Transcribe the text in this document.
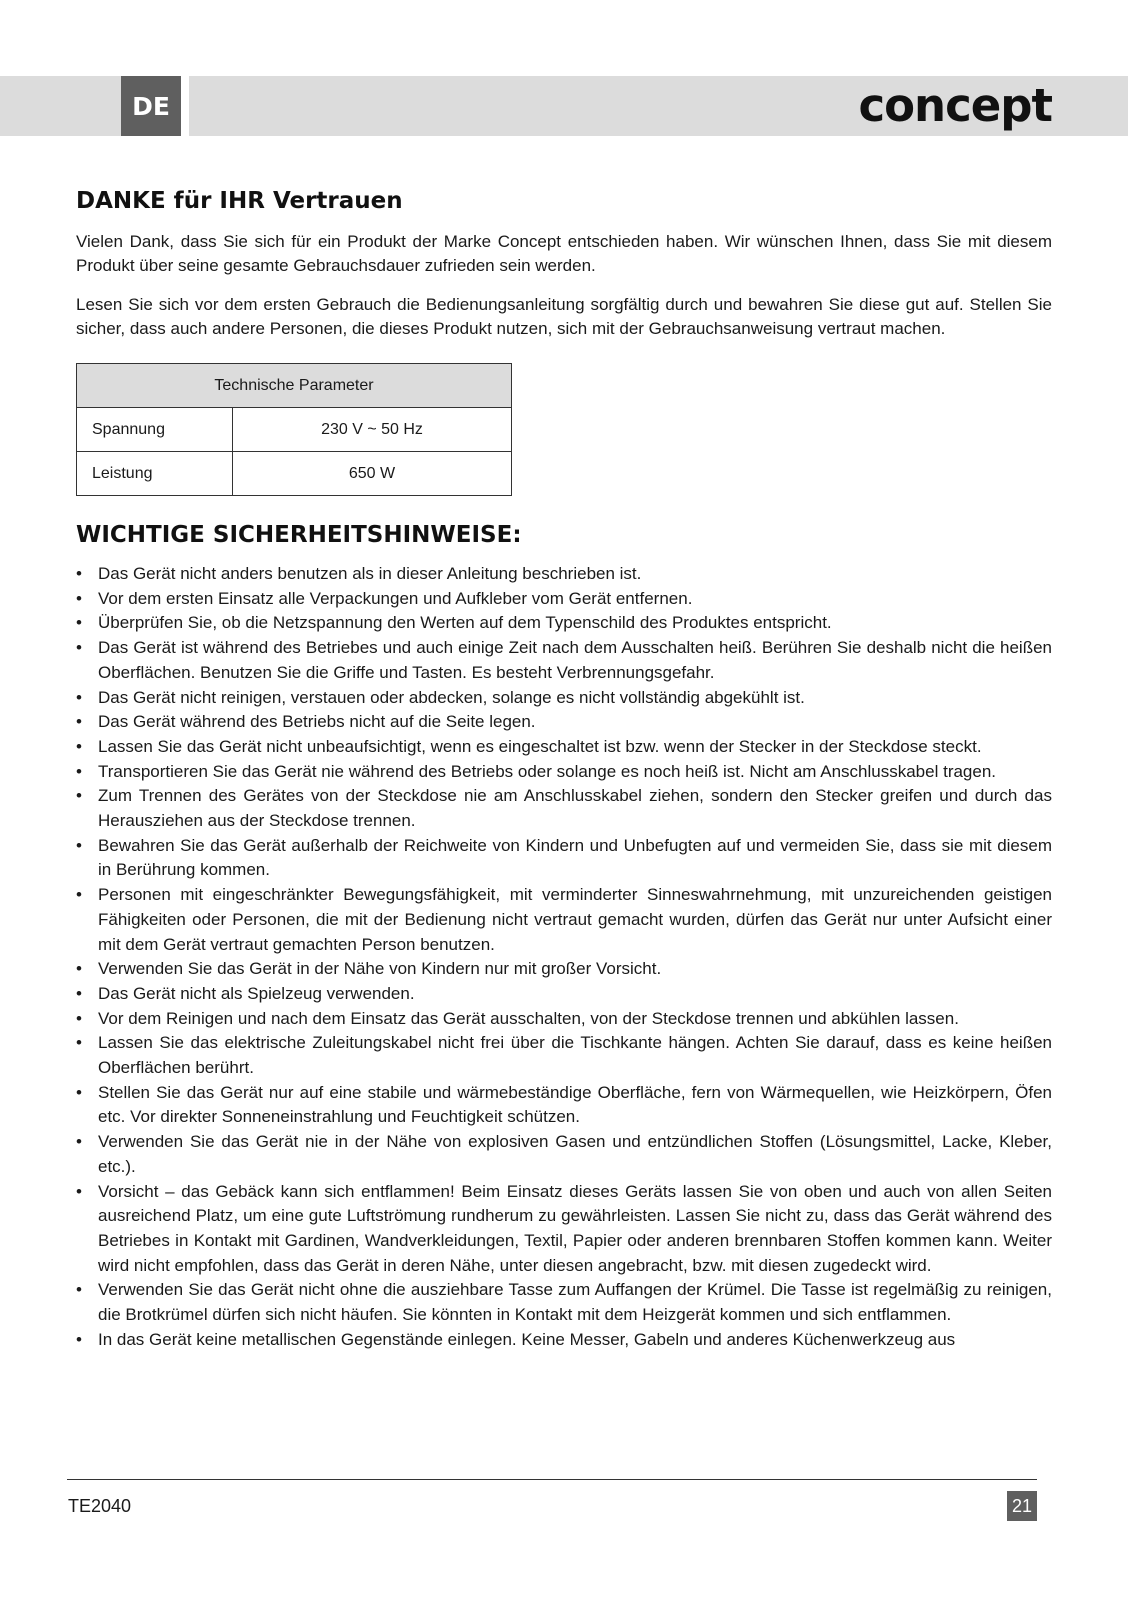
DE	concept
DANKE für IHR Vertrauen

Vielen Dank, dass Sie sich für ein Produkt der Marke Concept entschieden haben. Wir wünschen Ihnen, dass Sie mit diesem Produkt über seine gesamte Gebrauchsdauer zufrieden sein werden.

Lesen Sie sich vor dem ersten Gebrauch die Bedienungsanleitung sorgfältig durch und bewahren Sie diese gut auf. Stellen Sie sicher, dass auch andere Personen, die dieses Produkt nutzen, sich mit der Gebrauchsanweisung vertraut machen.

Technische Parameter	
Spannung	230 V ~ 50 Hz
Leistung	650 W
WICHTIGE SICHERHEITSHINWEISE:
• Das Gerät nicht anders benutzen als in dieser Anleitung beschrieben ist.
• Vor dem ersten Einsatz alle Verpackungen und Aufkleber vom Gerät entfernen.
• Überprüfen Sie, ob die Netzspannung den Werten auf dem Typenschild des Produktes entspricht.
• Das Gerät ist während des Betriebes und auch einige Zeit nach dem Ausschalten heiß. Berühren Sie deshalb nicht die heißen Oberflächen. Benutzen Sie die Griffe und Tasten. Es besteht Verbrennungsgefahr.
• Das Gerät nicht reinigen, verstauen oder abdecken, solange es nicht vollständig abgekühlt ist.
• Das Gerät während des Betriebs nicht auf die Seite legen.
• Lassen Sie das Gerät nicht unbeaufsichtigt, wenn es eingeschaltet ist bzw. wenn der Stecker in der Steckdose steckt.
• Transportieren Sie das Gerät nie während des Betriebs oder solange es noch heiß ist. Nicht am Anschlusskabel tragen.
• Zum Trennen des Gerätes von der Steckdose nie am Anschlusskabel ziehen, sondern den Stecker greifen und durch das Herausziehen aus der Steckdose trennen.
• Bewahren Sie das Gerät außerhalb der Reichweite von Kindern und Unbefugten auf und vermeiden Sie, dass sie mit diesem in Berührung kommen.
• Personen mit eingeschränkter Bewegungsfähigkeit, mit verminderter Sinneswahrnehmung, mit unzureichenden geistigen Fähigkeiten oder Personen, die mit der Bedienung nicht vertraut gemacht wurden, dürfen das Gerät nur unter Aufsicht einer mit dem Gerät vertraut gemachten Person benutzen.
• Verwenden Sie das Gerät in der Nähe von Kindern nur mit großer Vorsicht.
• Das Gerät nicht als Spielzeug verwenden.
• Vor dem Reinigen und nach dem Einsatz das Gerät ausschalten, von der Steckdose trennen und abkühlen lassen.
• Lassen Sie das elektrische Zuleitungskabel nicht frei über die Tischkante hängen. Achten Sie darauf, dass es keine heißen Oberflächen berührt.
• Stellen Sie das Gerät nur auf eine stabile und wärmebeständige Oberfläche, fern von Wärmequellen, wie Heizkörpern, Öfen etc. Vor direkter Sonneneinstrahlung und Feuchtigkeit schützen.
• Verwenden Sie das Gerät nie in der Nähe von explosiven Gasen und entzündlichen Stoffen (Lösungsmittel, Lacke, Kleber, etc.).
• Vorsicht – das Gebäck kann sich entflammen! Beim Einsatz dieses Geräts lassen Sie von oben und auch von allen Seiten ausreichend Platz, um eine gute Luftströmung rundherum zu gewährleisten. Lassen Sie nicht zu, dass das Gerät während des Betriebes in Kontakt mit Gardinen, Wandverkleidungen, Textil, Papier oder anderen brennbaren Stoffen kommen kann. Weiter wird nicht empfohlen, dass das Gerät in deren Nähe, unter diesen angebracht, bzw. mit diesen zugedeckt wird.
• Verwenden Sie das Gerät nicht ohne die ausziehbare Tasse zum Auffangen der Krümel. Die Tasse ist regelmäßig zu reinigen, die Brotkrümel dürfen sich nicht häufen. Sie könnten in Kontakt mit dem Heizgerät kommen und sich entflammen.
• In das Gerät keine metallischen Gegenstände einlegen. Keine Messer, Gabeln und anderes Küchenwerkzeug aus
TE2040	21
